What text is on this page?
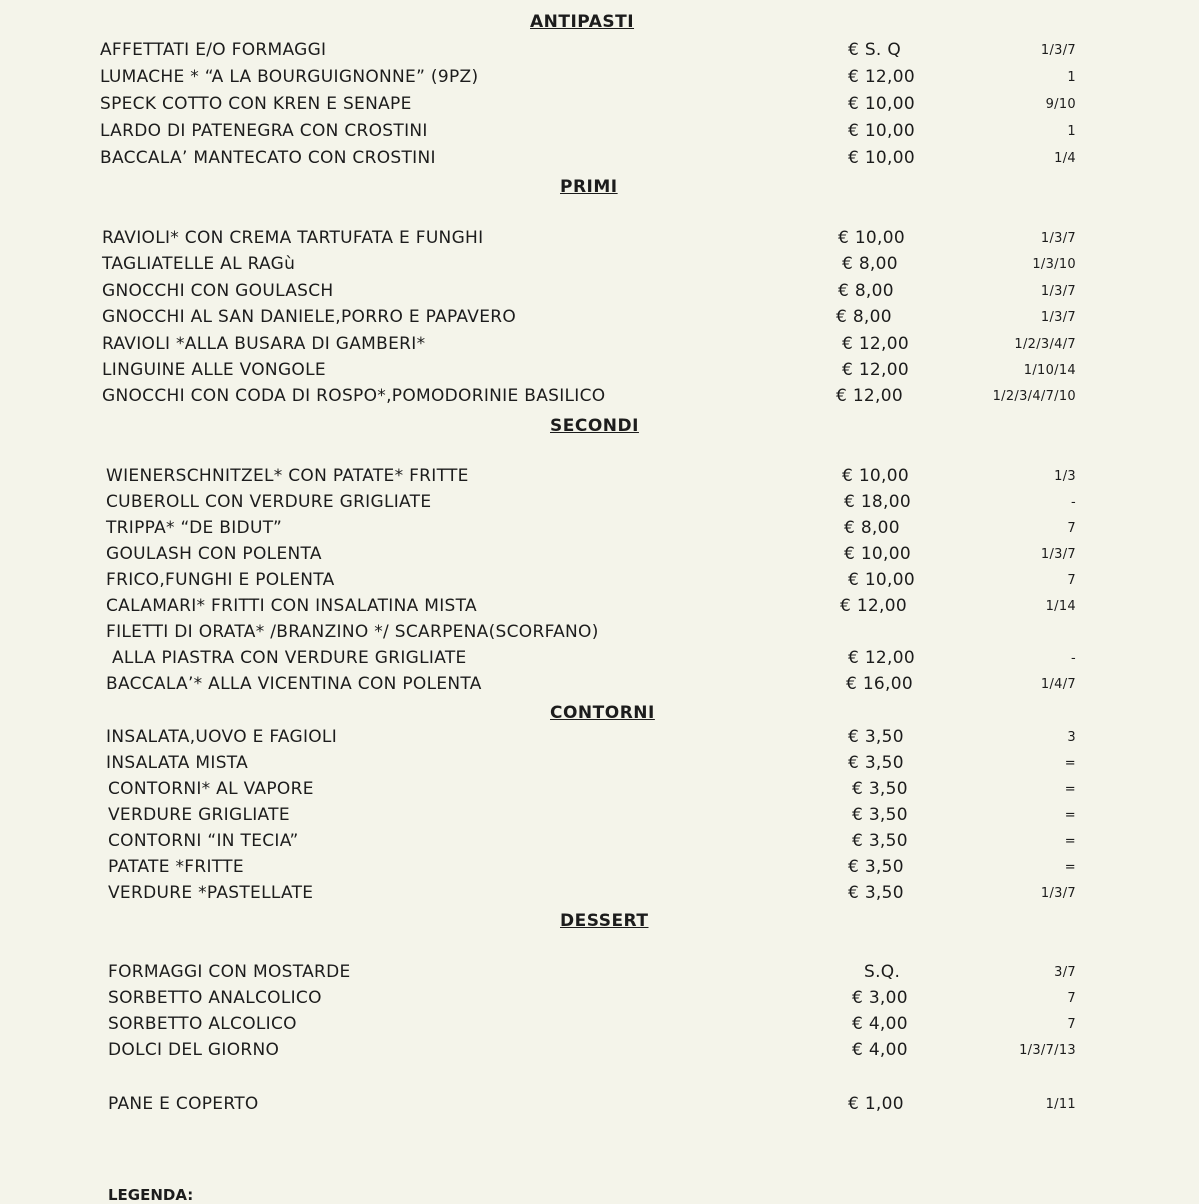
ANTIPASTI
PRIMI
SECONDI
CONTORNI
DESSERT
AFFETTATI E/O FORMAGGI	€ S. Q	1/3/7
LUMACHE * “A LA BOURGUIGNONNE” (9PZ)	€ 12,00	1
SPECK COTTO CON KREN E SENAPE	€ 10,00	9/10
LARDO DI PATENEGRA CON CROSTINI	€ 10,00	1
BACCALA’ MANTECATO CON CROSTINI	€ 10,00	1/4
RAVIOLI* CON CREMA TARTUFATA E FUNGHI	€ 10,00	1/3/7
TAGLIATELLE AL RAGù	€ 8,00	1/3/10
GNOCCHI CON GOULASCH	€ 8,00	1/3/7
GNOCCHI AL SAN DANIELE,PORRO E PAPAVERO	€ 8,00	1/3/7
RAVIOLI *ALLA BUSARA DI GAMBERI*	€ 12,00	1/2/3/4/7
LINGUINE ALLE VONGOLE	€ 12,00	1/10/14
GNOCCHI CON CODA DI ROSPO*,POMODORINIE BASILICO	€ 12,00	1/2/3/4/7/10
WIENERSCHNITZEL* CON PATATE* FRITTE	€ 10,00	1/3
CUBEROLL CON VERDURE GRIGLIATE	€ 18,00	-
TRIPPA* “DE BIDUT”	€ 8,00	7
GOULASH CON POLENTA	€ 10,00	1/3/7
FRICO,FUNGHI E POLENTA	€ 10,00	7
CALAMARI* FRITTI CON INSALATINA MISTA	€ 12,00	1/14
FILETTI DI ORATA* /BRANZINO */ SCARPENA(SCORFANO)
ALLA PIASTRA CON VERDURE GRIGLIATE	€ 12,00	-
BACCALA’* ALLA VICENTINA CON POLENTA	€ 16,00	1/4/7
INSALATA,UOVO E FAGIOLI	€ 3,50	3
INSALATA MISTA	€ 3,50	=
CONTORNI* AL VAPORE	€ 3,50	=
VERDURE GRIGLIATE	€ 3,50	=
CONTORNI “IN TECIA”	€ 3,50	=
PATATE *FRITTE	€ 3,50	=
VERDURE *PASTELLATE	€ 3,50	1/3/7
FORMAGGI CON MOSTARDE	S.Q.	3/7
SORBETTO ANALCOLICO	€ 3,00	7
SORBETTO ALCOLICO	€ 4,00	7
DOLCI DEL GIORNO	€ 4,00	1/3/7/13
PANE E COPERTO	€ 1,00	1/11
LEGENDA:
